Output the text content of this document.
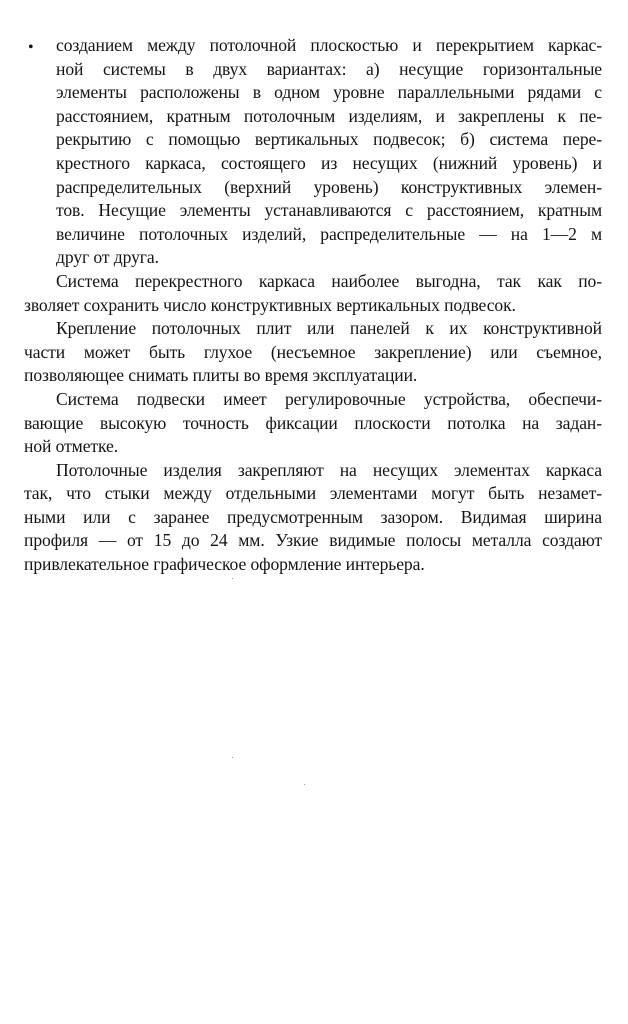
•	созданием между потолочной плоскостью и перекрытием каркас-
ной системы в двух вариантах: а) несущие горизонтальные
элементы расположены в одном уровне параллельными рядами с
расстоянием, кратным потолочным изделиям, и закреплены к пе-
рекрытию с помощью вертикальных подвесок; б) система пере-
крестного каркаса, состоящего из несущих (нижний уровень) и
распределительных (верхний уровень) конструктивных элемен-
тов. Несущие элементы устанавливаются с расстоянием, кратным
величине потолочных изделий, распределительные — на 1—2 м
друг от друга.
Система перекрестного каркаса наиболее выгодна, так как по-
зволяет сохранить число конструктивных вертикальных подвесок.
Крепление потолочных плит или панелей к их конструктивной
части может быть глухое (несъемное закрепление) или съемное,
позволяющее снимать плиты во время эксплуатации.
Система подвески имеет регулировочные устройства, обеспечи-
вающие высокую точность фиксации плоскости потолка на задан-
ной отметке.
Потолочные изделия закрепляют на несущих элементах каркаса
так, что стыки между отдельными элементами могут быть незамет-
ными или с заранее предусмотренным зазором. Видимая ширина
профиля — от 15 до 24 мм. Узкие видимые полосы металла создают
привлекательное графическое оформление интерьера.
